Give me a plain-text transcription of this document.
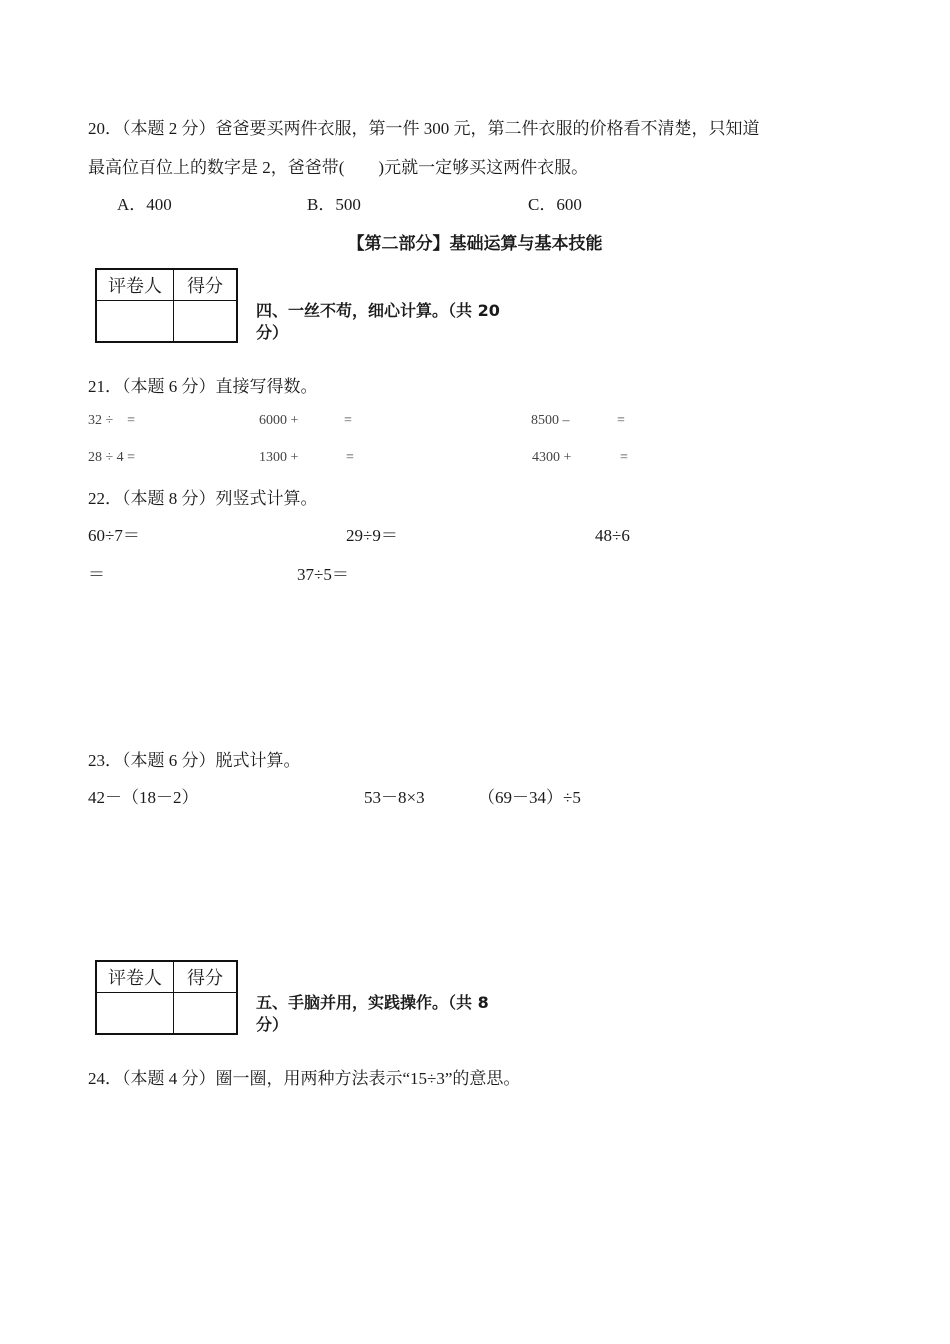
20．（本题 2 分）爸爸要买两件衣服，第一件 300 元，第二件衣服的价格看不清楚，只知道
最高位百位上的数字是 2，爸爸带(　　)元就一定够买这两件衣服。
A．400	B．500	C．600
【第二部分】基础运算与基本技能
评卷人	得分

四、一丝不苟，细心计算。（共 20
分）
21．（本题 6 分）直接写得数。
32 ÷　=	6000 +	=	8500 –	=
28 ÷ 4 =	1300 +	=	4300 +	=
22．（本题 8 分）列竖式计算。
60÷7＝	29÷9＝	48÷6
＝	37÷5＝
23．（本题 6 分）脱式计算。
42－（18－2）	53－8×3	（69－34）÷5
评卷人	得分

五、手脑并用，实践操作。（共 8
分）
24．（本题 4 分）圈一圈，用两种方法表示“15÷3”的意思。
